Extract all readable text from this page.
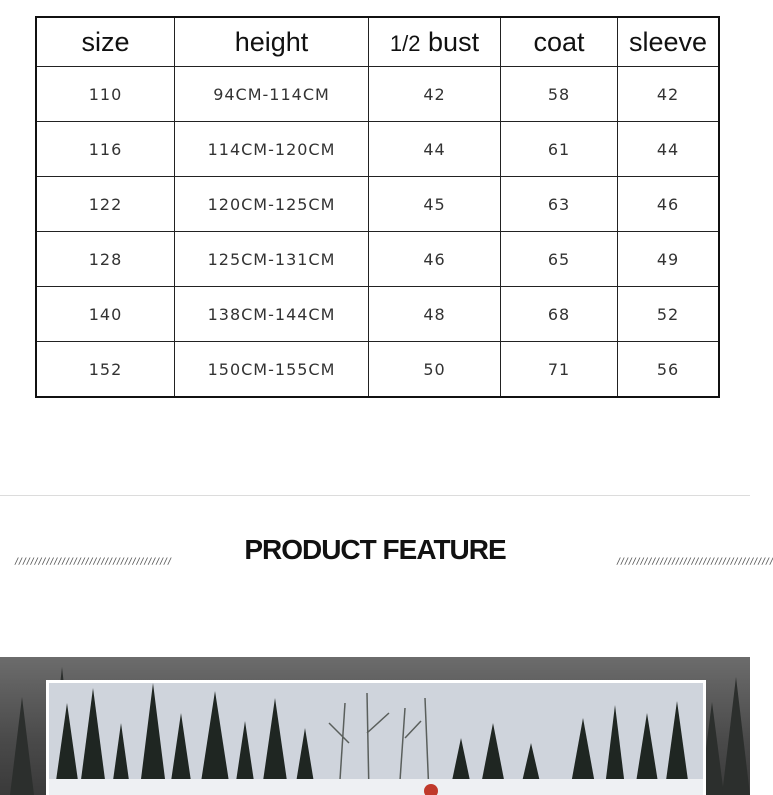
size	height	1/2 bust	coat	sleeve
110	94CM-114CM	42	58	42
116	114CM-120CM	44	61	44
122	120CM-125CM	45	63	46
128	125CM-131CM	46	65	49
140	138CM-144CM	48	68	52
152	150CM-155CM	50	71	56
////////////////////////////////////////	PRODUCT FEATURE	////////////////////////////////////////
